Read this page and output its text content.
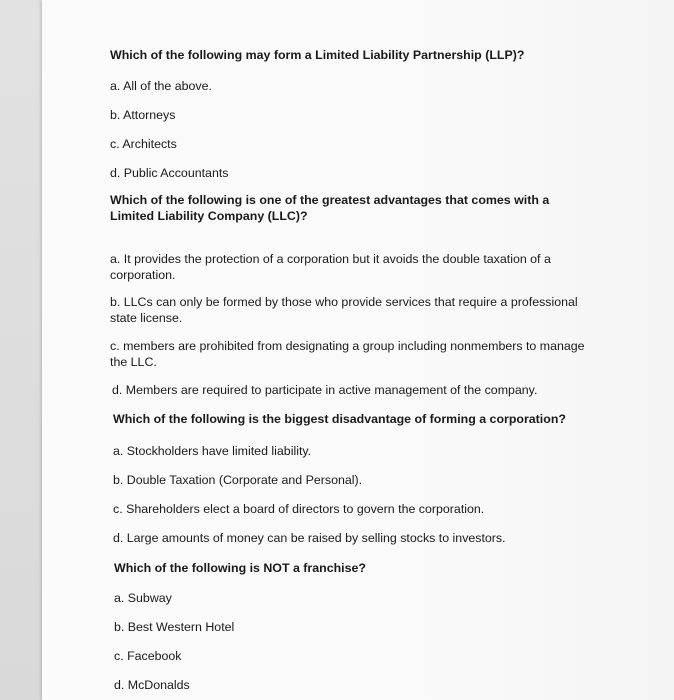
Which of the following may form a Limited Liability Partnership (LLP)?
a. All of the above.
b. Attorneys
c. Architects
d. Public Accountants
Which of the following is one of the greatest advantages that comes with a Limited Liability Company (LLC)?
a. It provides the protection of a corporation but it avoids the double taxation of a corporation.
b. LLCs can only be formed by those who provide services that require a professional state license.
c. members are prohibited from designating a group including nonmembers to manage the LLC.
d. Members are required to participate in active management of the company.
Which of the following is the biggest disadvantage of forming a corporation?
a. Stockholders have limited liability.
b. Double Taxation (Corporate and Personal).
c. Shareholders elect a board of directors to govern the corporation.
d. Large amounts of money can be raised by selling stocks to investors.
Which of the following is NOT a franchise?
a. Subway
b. Best Western Hotel
c. Facebook
d. McDonalds
